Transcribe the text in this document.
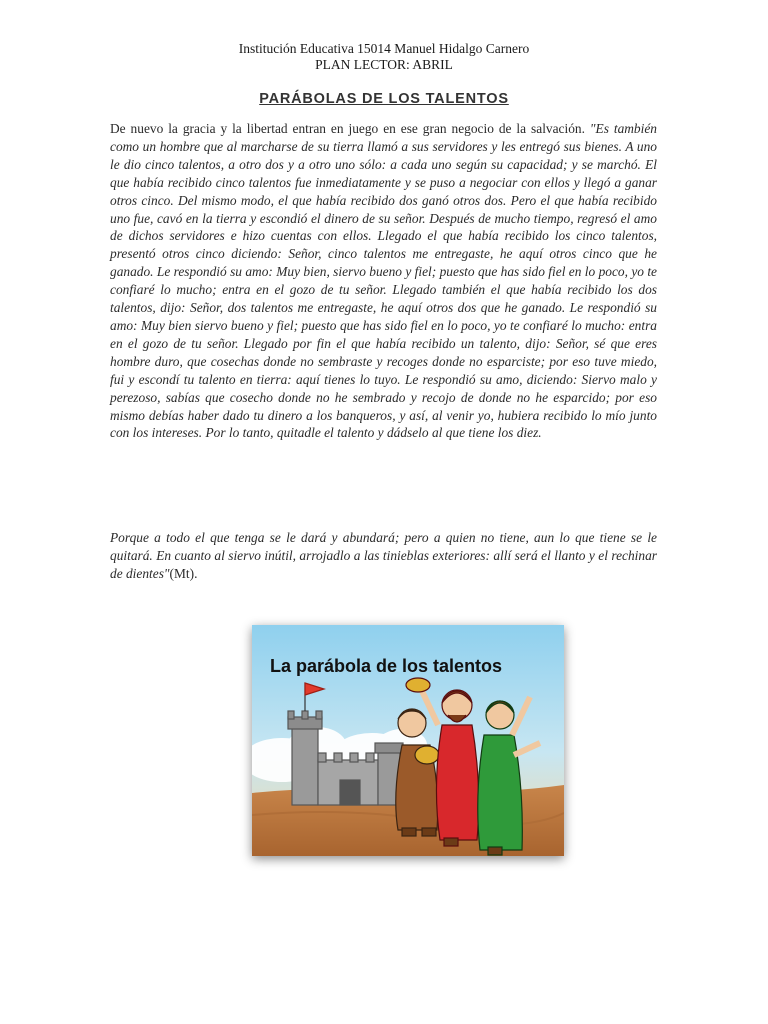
Institución Educativa 15014 Manuel Hidalgo Carnero
PLAN LECTOR: ABRIL
PARÁBOLAS DE LOS TALENTOS
De nuevo la gracia y la libertad entran en juego en ese gran negocio de la salvación. "Es también como un hombre que al marcharse de su tierra llamó a sus servidores y les entregó sus bienes. A uno le dio cinco talentos, a otro dos y a otro uno sólo: a cada uno según su capacidad; y se marchó. El que había recibido cinco talentos fue inmediatamente y se puso a negociar con ellos y llegó a ganar otros cinco. Del mismo modo, el que había recibido dos ganó otros dos. Pero el que había recibido uno fue, cavó en la tierra y escondió el dinero de su señor. Después de mucho tiempo, regresó el amo de dichos servidores e hizo cuentas con ellos. Llegado el que había recibido los cinco talentos, presentó otros cinco diciendo: Señor, cinco talentos me entregaste, he aquí otros cinco que he ganado. Le respondió su amo: Muy bien, siervo bueno y fiel; puesto que has sido fiel en lo poco, yo te confiaré lo mucho; entra en el gozo de tu señor. Llegado también el que había recibido los dos talentos, dijo: Señor, dos talentos me entregaste, he aquí otros dos que he ganado. Le respondió su amo: Muy bien siervo bueno y fiel; puesto que has sido fiel en lo poco, yo te confiaré lo mucho: entra en el gozo de tu señor. Llegado por fin el que había recibido un talento, dijo: Señor, sé que eres hombre duro, que cosechas donde no sembraste y recoges donde no esparciste; por eso tuve miedo, fui y escondí tu talento en tierra: aquí tienes lo tuyo. Le respondió su amo, diciendo: Siervo malo y perezoso, sabías que cosecho donde no he sembrado y recojo de donde no he esparcido; por eso mismo debías haber dado tu dinero a los banqueros, y así, al venir yo, hubiera recibido lo mío junto con los intereses. Por lo tanto, quitadle el talento y dádselo al que tiene los diez.
Porque a todo el que tenga se le dará y abundará; pero a quien no tiene, aun lo que tiene se le quitará. En cuanto al siervo inútil, arrojadlo a las tinieblas exteriores: allí será el llanto y el rechinar de dientes"(Mt).
La parábola de los talentos
